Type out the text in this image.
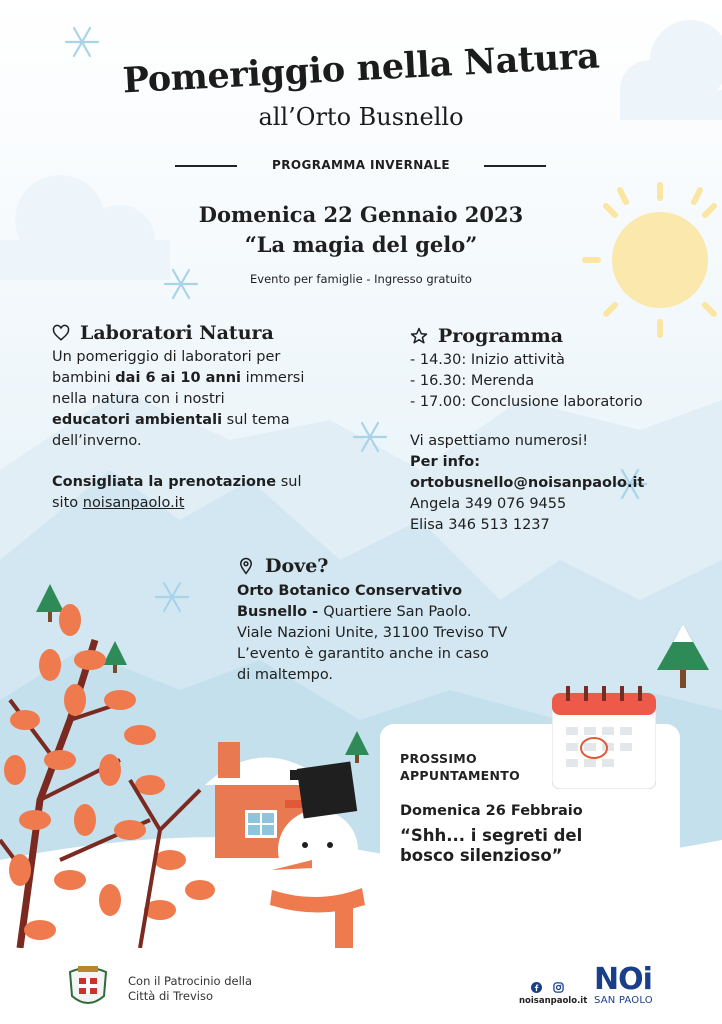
Pomeriggio nella Natura
all’Orto Busnello
PROGRAMMA INVERNALE
Domenica 22 Gennaio 2023
“La magia del gelo”
Evento per famiglie - Ingresso gratuito
Laboratori Natura
Un pomeriggio di laboratori per
bambini dai 6 ai 10 anni immersi
nella natura con i nostri
educatori ambientali sul tema
dell’inverno.
Consigliata la prenotazione sul
sito noisanpaolo.it
Programma
- 14.30: Inizio attività
- 16.30: Merenda
- 17.00: Conclusione laboratorio
Vi aspettiamo numerosi!
Per info:
ortobusnello@noisanpaolo.it
Angela 349 076 9455
Elisa 346 513 1237
Dove?
Orto Botanico Conservativo
Busnello - Quartiere San Paolo.
Viale Nazioni Unite, 31100 Treviso TV
L’evento è garantito anche in caso
di maltempo.
PROSSIMO
APPUNTAMENTO
Domenica 26 Febbraio
“Shh... i segreti del
bosco silenzioso”
Con il Patrocinio della
Città di Treviso	noisanpaolo.it
NOi
SAN PAOLO
